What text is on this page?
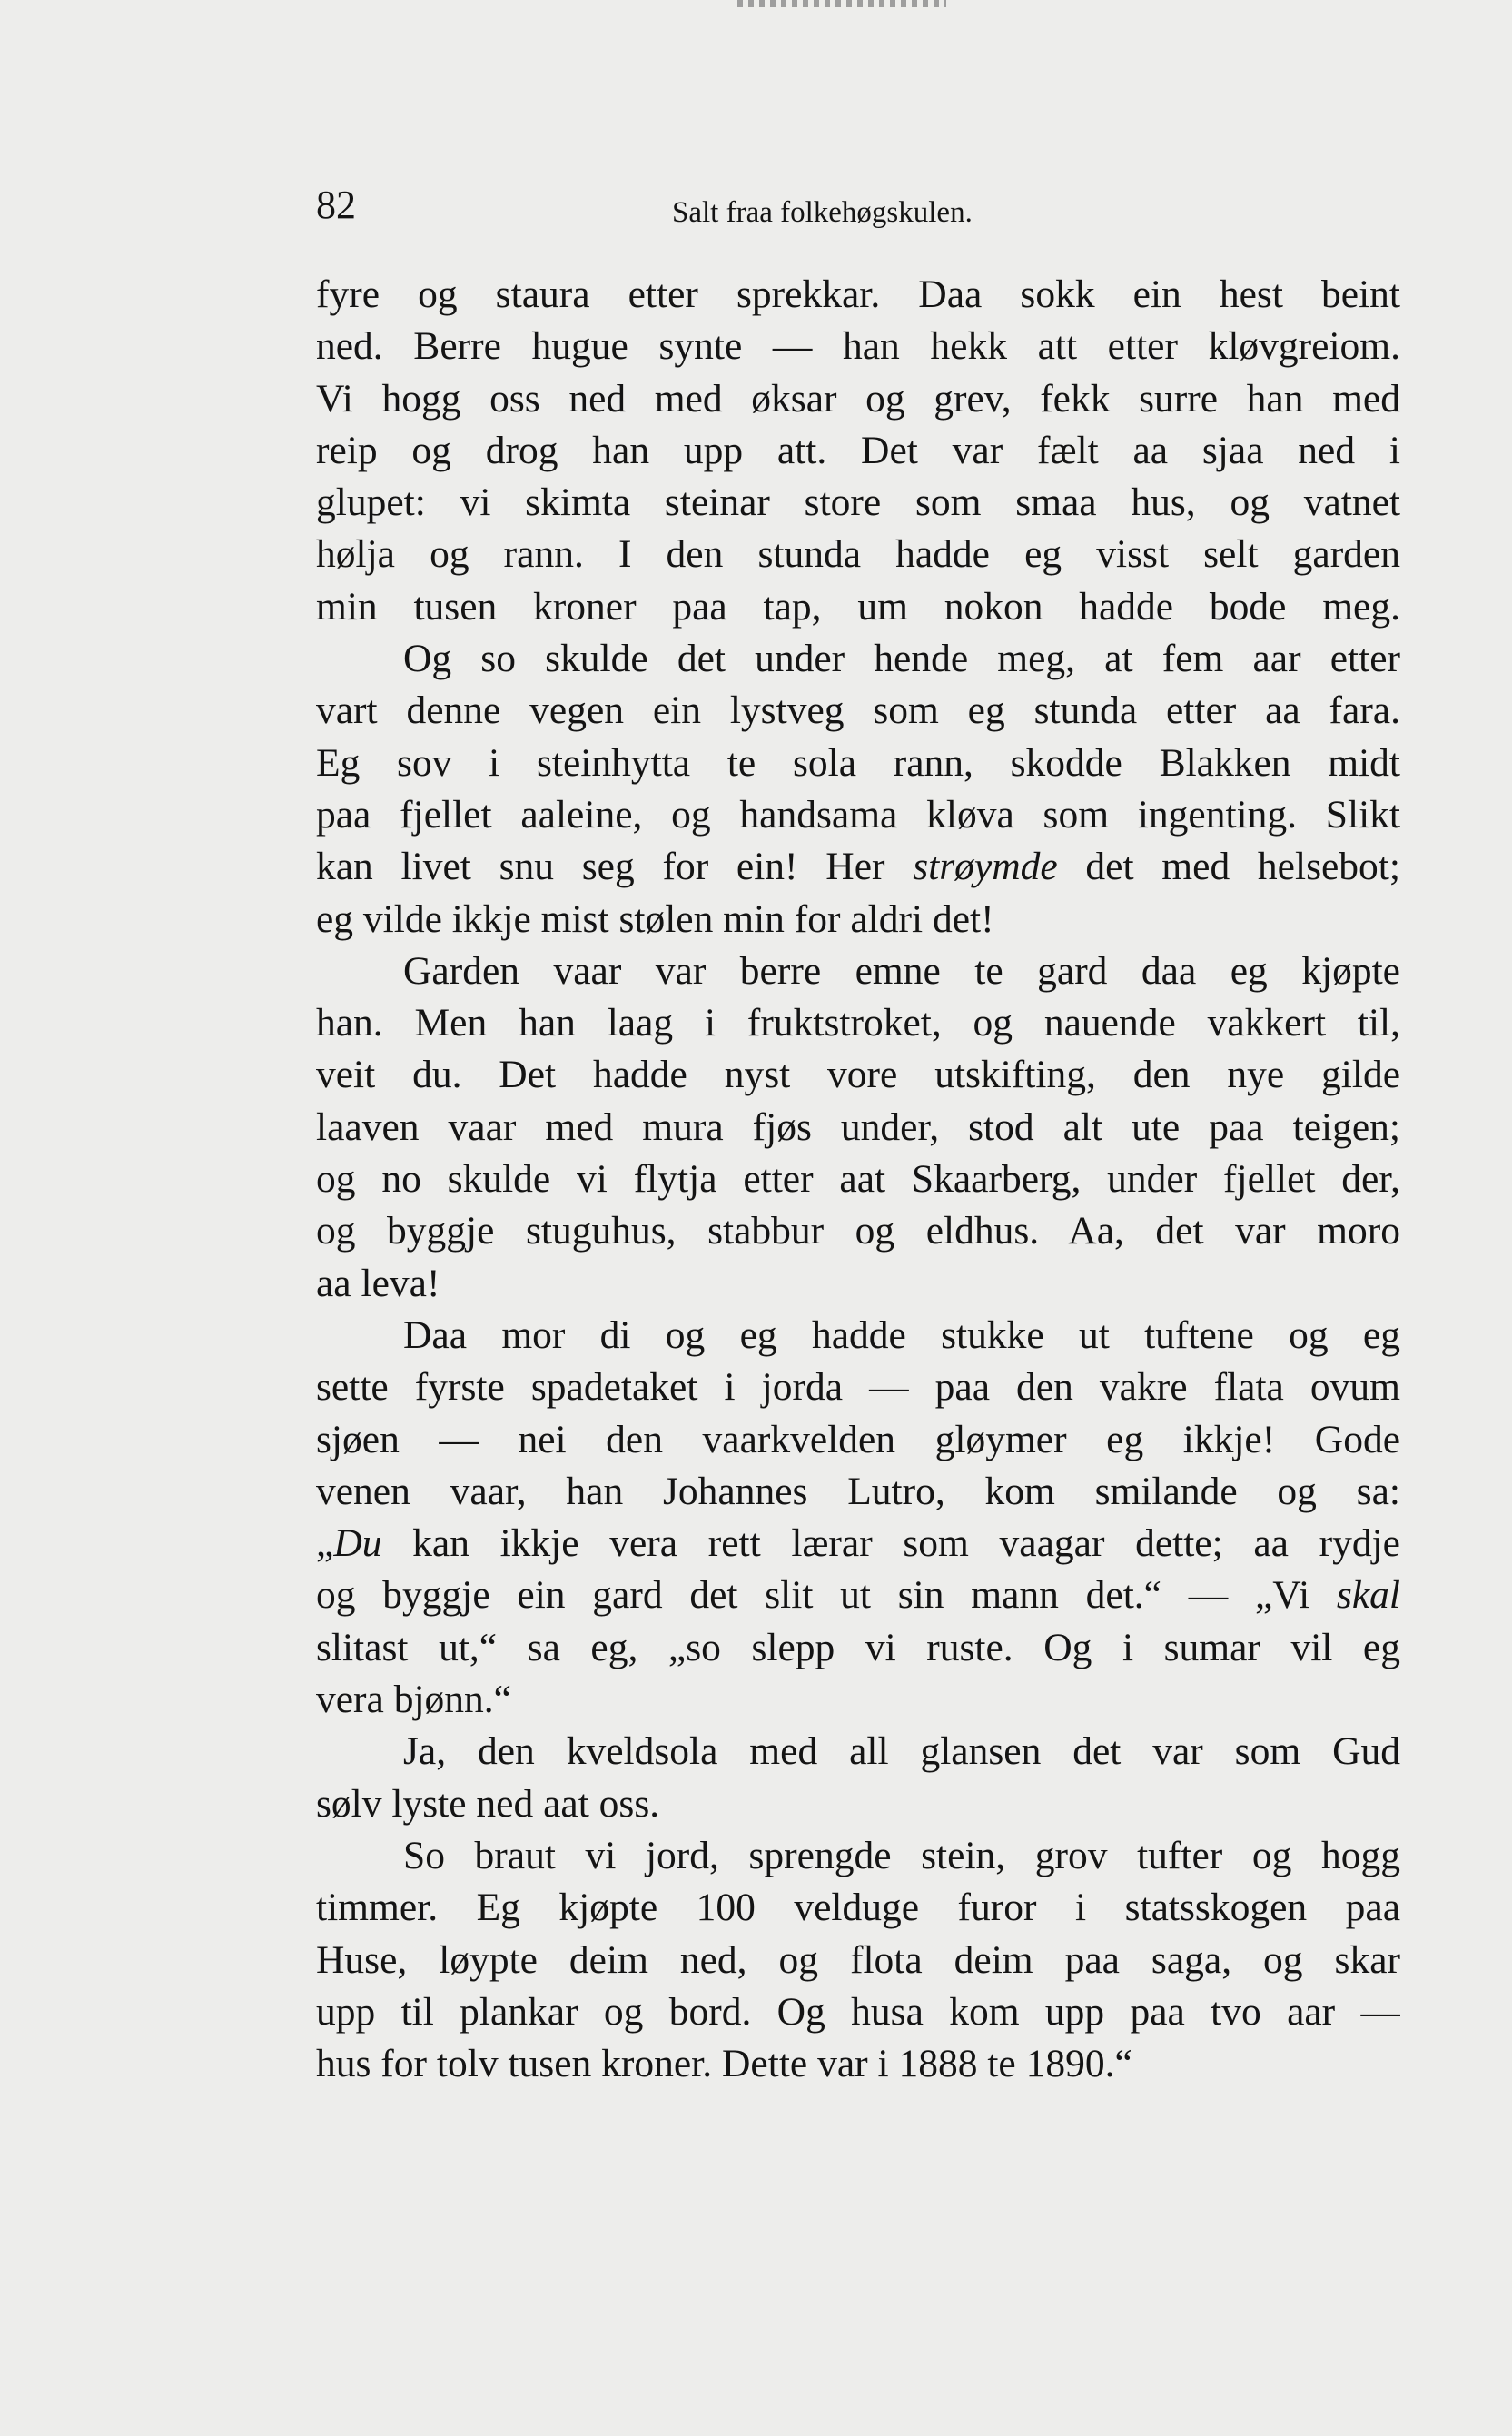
82	Salt fraa folkehøgskulen.
fyre og staura etter sprekkar. Daa sokk ein hest beint
ned. Berre hugue synte — han hekk att etter kløvgreiom.
Vi hogg oss ned med øksar og grev, fekk surre han med
reip og drog han upp att. Det var fælt aa sjaa ned i
glupet: vi skimta steinar store som smaa hus, og vatnet
hølja og rann. I den stunda hadde eg visst selt garden
min tusen kroner paa tap, um nokon hadde bode meg.
Og so skulde det under hende meg, at fem aar etter
vart denne vegen ein lystveg som eg stunda etter aa fara.
Eg sov i steinhytta te sola rann, skodde Blakken midt
paa fjellet aaleine, og handsama kløva som ingenting. Slikt
kan livet snu seg for ein! Her strøymde det med helsebot;
eg vilde ikkje mist stølen min for aldri det!
Garden vaar var berre emne te gard daa eg kjøpte
han. Men han laag i fruktstroket, og nauende vakkert til,
veit du. Det hadde nyst vore utskifting, den nye gilde
laaven vaar med mura fjøs under, stod alt ute paa teigen;
og no skulde vi flytja etter aat Skaarberg, under fjellet der,
og byggje stuguhus, stabbur og eldhus. Aa, det var moro
aa leva!
Daa mor di og eg hadde stukke ut tuftene og eg
sette fyrste spadetaket i jorda — paa den vakre flata ovum
sjøen — nei den vaarkvelden gløymer eg ikkje! Gode
venen vaar, han Johannes Lutro, kom smilande og sa:
„Du kan ikkje vera rett lærar som vaagar dette; aa rydje
og byggje ein gard det slit ut sin mann det.“ — „Vi skal
slitast ut,“ sa eg, „so slepp vi ruste. Og i sumar vil eg
vera bjønn.“
Ja, den kveldsola med all glansen det var som Gud
sølv lyste ned aat oss.
So braut vi jord, sprengde stein, grov tufter og hogg
timmer. Eg kjøpte 100 velduge furor i statsskogen paa
Huse, løypte deim ned, og flota deim paa saga, og skar
upp til plankar og bord. Og husa kom upp paa tvo aar —
hus for tolv tusen kroner. Dette var i 1888 te 1890.“
